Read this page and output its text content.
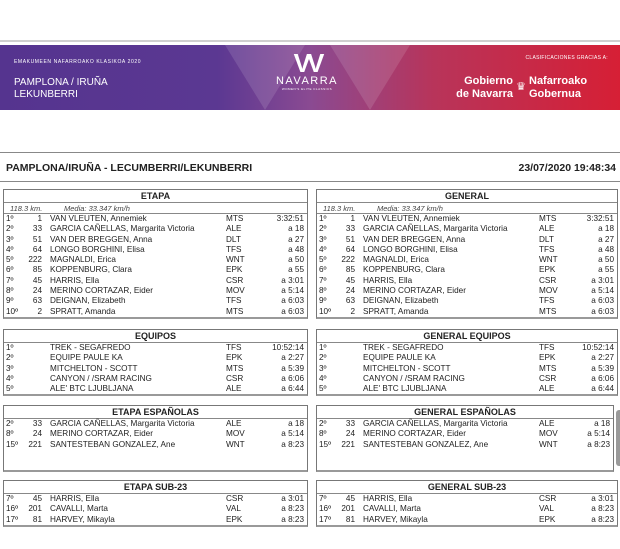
EMAKUMEEN NAFARROAKO KLASIKOA 2020
PAMPLONA / IRUÑA
LEKUNBERRI
VV
NAVARRA
WOMEN'S ELITE CLASSICS
CLASIFICACIONES GRACIAS A:
Gobierno
de Navarra
♛ Nafarroako
Gobernua
PAMPLONA/IRUÑA - LECUMBERRI/LEKUNBERRI	23/07/2020 19:48:34
ETAPA
118.3 km.	Media: 33.347 km/h
1º	1 VAN VLEUTEN, Annemiek	MTS	3:32:51
2º	33 GARCIA CAÑELLAS, Margarita Victoria	ALE	a 18
3º	51 VAN DER BREGGEN, Anna	DLT	a 27
4º	64 LONGO BORGHINI, Elisa	TFS	a 48
5º	222 MAGNALDI, Erica	WNT	a 50
6º	85 KOPPENBURG, Clara	EPK	a 55
7º	45 HARRIS, Ella	CSR	a 3:01
8º	24 MERINO CORTAZAR, Eider	MOV	a 5:14
9º	63 DEIGNAN, Elizabeth	TFS	a 6:03
10º	2 SPRATT, Amanda	MTS	a 6:03
GENERAL
118.3 km.	Media: 33.347 km/h
1º	1 VAN VLEUTEN, Annemiek	MTS	3:32:51
2º	33 GARCIA CAÑELLAS, Margarita Victoria	ALE	a 18
3º	51 VAN DER BREGGEN, Anna	DLT	a 27
4º	64 LONGO BORGHINI, Elisa	TFS	a 48
5º	222 MAGNALDI, Erica	WNT	a 50
6º	85 KOPPENBURG, Clara	EPK	a 55
7º	45 HARRIS, Ella	CSR	a 3:01
8º	24 MERINO CORTAZAR, Eider	MOV	a 5:14
9º	63 DEIGNAN, Elizabeth	TFS	a 6:03
10º	2 SPRATT, Amanda	MTS	a 6:03
EQUIPOS
1º	TREK - SEGAFREDO	TFS	10:52:14
2º	EQUIPE PAULE KA	EPK	a 2:27
3º	MITCHELTON - SCOTT	MTS	a 5:39
4º	CANYON / /SRAM RACING	CSR	a 6:06
5º	ALE' BTC LJUBLJANA	ALE	a 6:44
GENERAL EQUIPOS
1º	TREK - SEGAFREDO	TFS	10:52:14
2º	EQUIPE PAULE KA	EPK	a 2:27
3º	MITCHELTON - SCOTT	MTS	a 5:39
4º	CANYON / /SRAM RACING	CSR	a 6:06
5º	ALE' BTC LJUBLJANA	ALE	a 6:44
ETAPA ESPAÑOLAS
2º	33 GARCIA CAÑELLAS, Margarita Victoria	ALE	a 18
8º	24 MERINO CORTAZAR, Eider	MOV	a 5:14
15º	221 SANTESTEBAN GONZALEZ, Ane	WNT	a 8:23
GENERAL ESPAÑOLAS
2º	33 GARCIA CAÑELLAS, Margarita Victoria	ALE	a 18
8º	24 MERINO CORTAZAR, Eider	MOV	a 5:14
15º	221 SANTESTEBAN GONZALEZ, Ane	WNT	a 8:23
ETAPA SUB-23
7º	45 HARRIS, Ella	CSR	a 3:01
16º	201 CAVALLI, Marta	VAL	a 8:23
17º	81 HARVEY, Mikayla	EPK	a 8:23
GENERAL SUB-23
7º	45 HARRIS, Ella	CSR	a 3:01
16º	201 CAVALLI, Marta	VAL	a 8:23
17º	81 HARVEY, Mikayla	EPK	a 8:23
